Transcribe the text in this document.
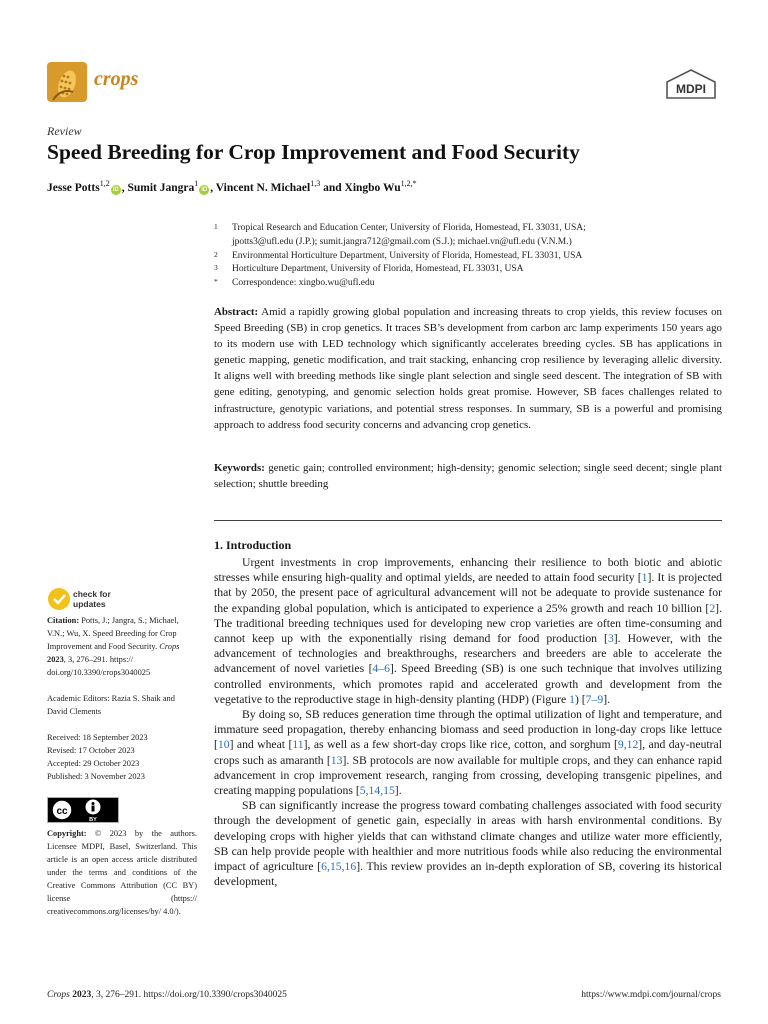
crops	MDPI
Review
Speed Breeding for Crop Improvement and Food Security
Jesse Potts$^{1,2}$iD , Sumit Jangra$^1$iD , Vincent N. Michael$^{1,3}$ and Xingbo $Wu^{1,2,*}$
1 Tropical Research and Education Center, University of Florida, Homestead, FL 33031, USA;
jpotts3@ufl.edu (J.P.); sumit.jangra712@gmail.com (S.J.); michael.vn@ufl.edu (V.N.M.)
2 Environmental Horticulture Department, University of Florida, Homestead, FL 33031, USA
3 Horticulture Department, University of Florida, Homestead, FL 33031, USA
* Correspondence: xingbo.wu@ufl.edu
Abstract: Amid a rapidly growing global population and increasing threats to crop yields, this review focuses on Speed Breeding (SB) in crop genetics. It traces SB’s development from carbon arc lamp experiments 150 years ago to its modern use with LED technology which significantly accelerates breeding cycles. SB has applications in genetic mapping, genetic modification, and trait stacking, enhancing crop resilience by leveraging allelic diversity. It aligns well with breeding methods like single plant selection and single seed descent. The integration of SB with gene editing, genotyping, and genomic selection holds great promise. However, SB faces challenges related to infrastructure, genotypic variations, and potential stress responses. In summary, SB is a powerful and promising approach to address food security concerns and advancing crop genetics.
Keywords: genetic gain; controlled environment; high-density; genomic selection; single seed decent; single plant selection; shuttle breeding
1. Introduction

Urgent investments in crop improvements, enhancing their resilience to both biotic and abiotic stresses while ensuring high-quality and optimal yields, are needed to attain food security [1]. It is projected that by 2050, the present pace of agricultural advancement will not be adequate to provide sustenance for the expanding global population, which is anticipated to experience a 25% growth and reach 10 billion [2]. The traditional breeding techniques used for developing new crop varieties are often time-consuming and cannot keep up with the exponentially rising demand for food production [3]. However, with the advancement of technologies and breakthroughs, researchers and breeders are able to accelerate the advancement of novel varieties [4–6]. Speed Breeding (SB) is one such technique that involves utilizing controlled environments, which promotes rapid and accelerated growth and development from the vegetative to the reproductive stage in high-density planting (HDP) (Figure 1) [7–9].

By doing so, SB reduces generation time through the optimal utilization of light and temperature, and immature seed propagation, thereby enhancing biomass and seed production in long-day crops like lettuce [10] and wheat [11], as well as a few short-day crops like rice, cotton, and sorghum [9,12], and day-neutral crops such as amaranth [13]. SB protocols are now available for multiple crops, and they can enhance rapid advancement in crop improvement research, ranging from crossing, developing transgenic pipelines, and creating mapping populations [5,14,15].

SB can significantly increase the progress toward combating challenges associated with food security through the development of genetic gain, especially in areas with harsh environmental conditions. By developing crops with higher yields that can withstand climate changes and utilize water more efficiently, SB can help provide people with healthier and more nutritious foods while also reducing the environmental impact of agriculture [6,15,16]. This review provides an in-depth exploration of SB, covering its historical development,

check for
updates
Citation: Potts, J.; Jangra, S.; Michael, V.N.; Wu, X. Speed Breeding for Crop Improvement and Food Security. Crops 2023, 3, 276–291. https:// doi.org/10.3390/crops3040025
Academic Editors: Razia S. Shaik and David Clements
Received: 18 September 2023
Revised: 17 October 2023
Accepted: 29 October 2023
Published: 3 November 2023
cc
BY
Copyright: © 2023 by the authors. Licensee MDPI, Basel, Switzerland. This article is an open access article distributed under the terms and conditions of the Creative Commons Attribution (CC BY) license (https:// creativecommons.org/licenses/by/ 4.0/).
Crops 2023, 3, 276–291. https://doi.org/10.3390/crops3040025	https://www.mdpi.com/journal/crops
